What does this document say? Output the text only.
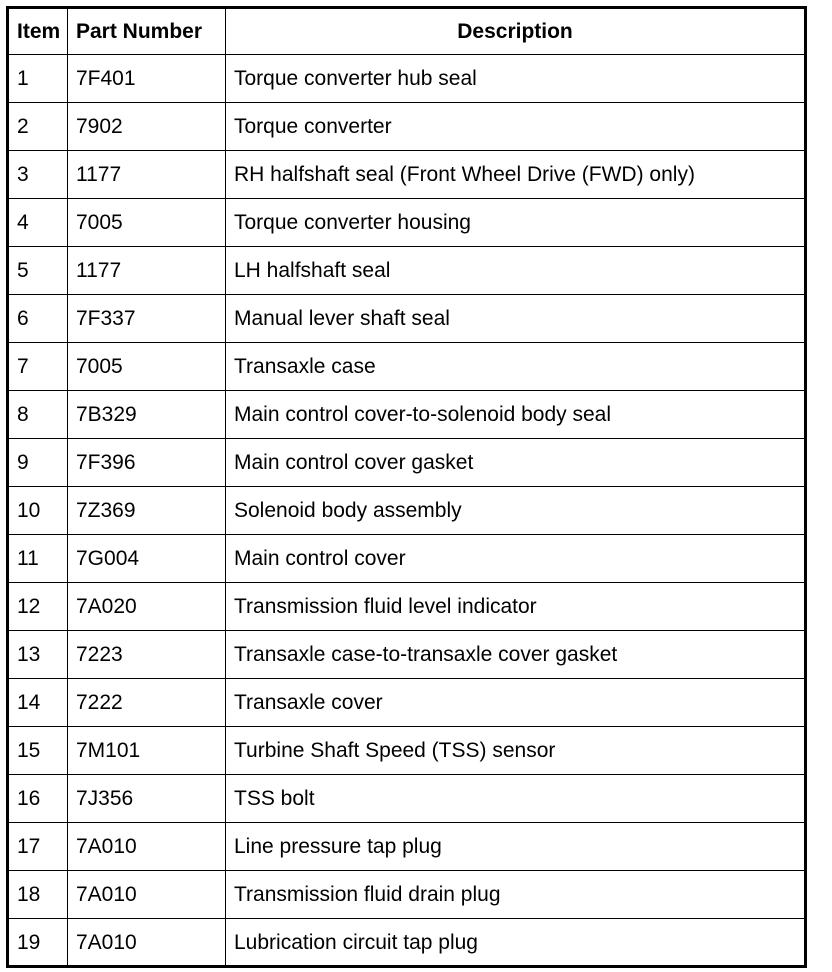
Item	Part Number	Description
1	7F401	Torque converter hub seal
2	7902	Torque converter
3	1177	RH halfshaft seal (Front Wheel Drive (FWD) only)
4	7005	Torque converter housing
5	1177	LH halfshaft seal
6	7F337	Manual lever shaft seal
7	7005	Transaxle case
8	7B329	Main control cover-to-solenoid body seal
9	7F396	Main control cover gasket
10	7Z369	Solenoid body assembly
11	7G004	Main control cover
12	7A020	Transmission fluid level indicator
13	7223	Transaxle case-to-transaxle cover gasket
14	7222	Transaxle cover
15	7M101	Turbine Shaft Speed (TSS) sensor
16	7J356	TSS bolt
17	7A010	Line pressure tap plug
18	7A010	Transmission fluid drain plug
19	7A010	Lubrication circuit tap plug
